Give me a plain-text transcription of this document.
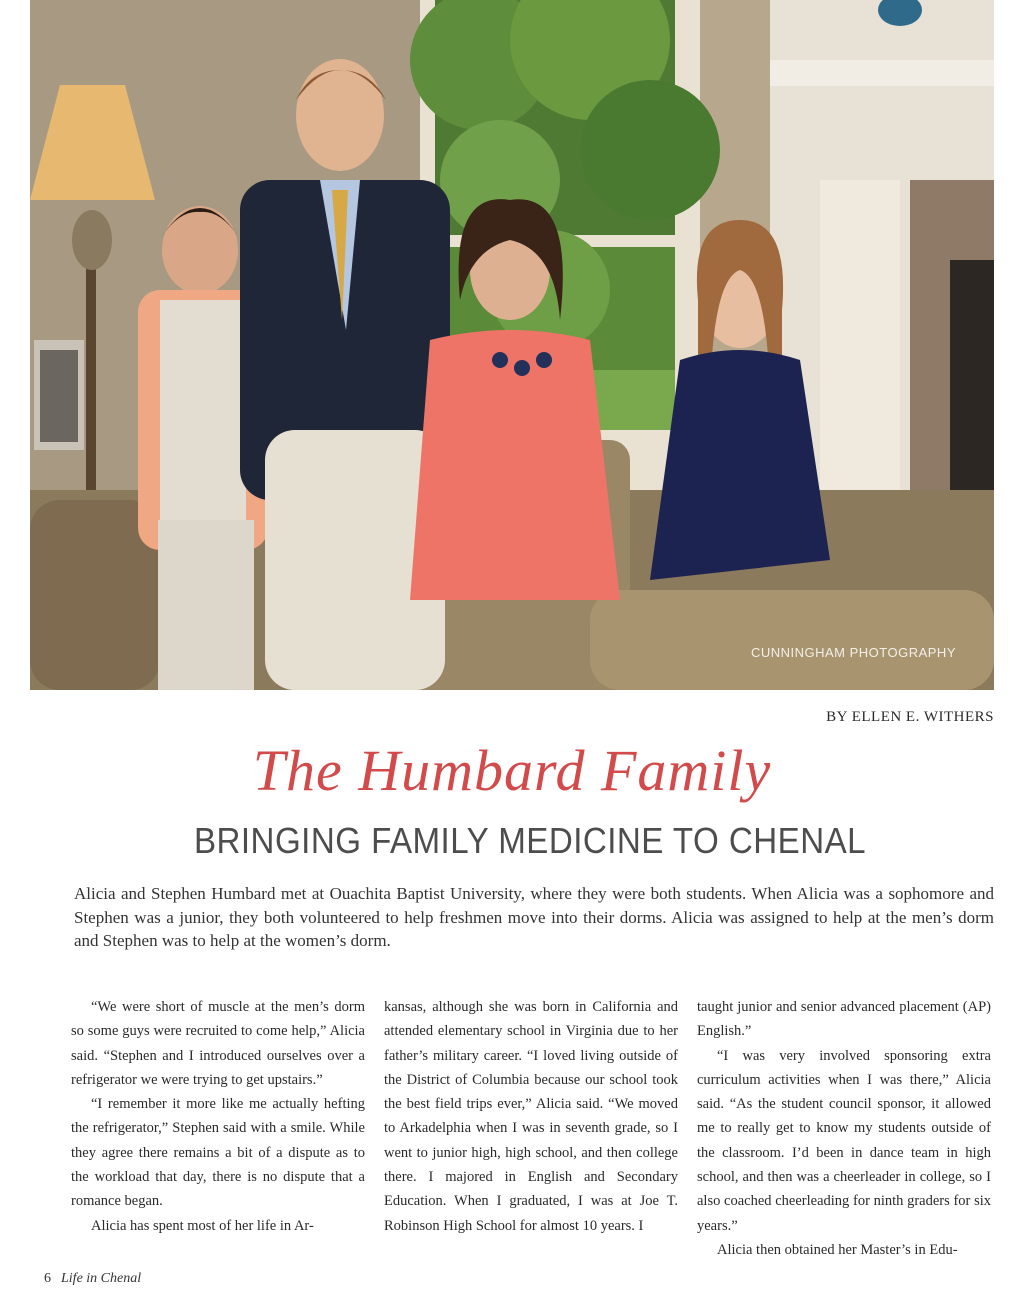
CUNNINGHAM PHOTOGRAPHY
BY ELLEN E. WITHERS
The Humbard Family
BRINGING FAMILY MEDICINE TO CHENAL

Alicia and Stephen Humbard met at Ouachita Baptist University, where they were both students. When Alicia was a sophomore and Stephen was a junior, they both volunteered to help freshmen move into their dorms. Alicia was assigned to help at the men’s dorm and Stephen was to help at the women’s dorm.

“We were short of muscle at the men’s dorm so some guys were recruited to come help,” Alicia said. “Stephen and I introduced ourselves over a refrigerator we were trying to get upstairs.”

“I remember it more like me actually hefting the refrigerator,” Stephen said with a smile. While they agree there remains a bit of a dispute as to the workload that day, there is no dispute that a romance began.

Alicia has spent most of her life in Ar-

kansas, although she was born in California and attended elementary school in Virginia due to her father’s military career. “I loved living outside of the District of Columbia because our school took the best field trips ever,” Alicia said. “We moved to Arkadelphia when I was in seventh grade, so I went to junior high, high school, and then college there. I majored in English and Secondary Education. When I graduated, I was at Joe T. Robinson High School for almost 10 years. I

taught junior and senior advanced placement (AP) English.”

“I was very involved sponsoring extra curriculum activities when I was there,” Alicia said. “As the student council sponsor, it allowed me to really get to know my students outside of the classroom. I’d been in dance team in high school, and then was a cheerleader in college, so I also coached cheerleading for ninth graders for six years.”

Alicia then obtained her Master’s in Edu-

6 Life in Chenal
